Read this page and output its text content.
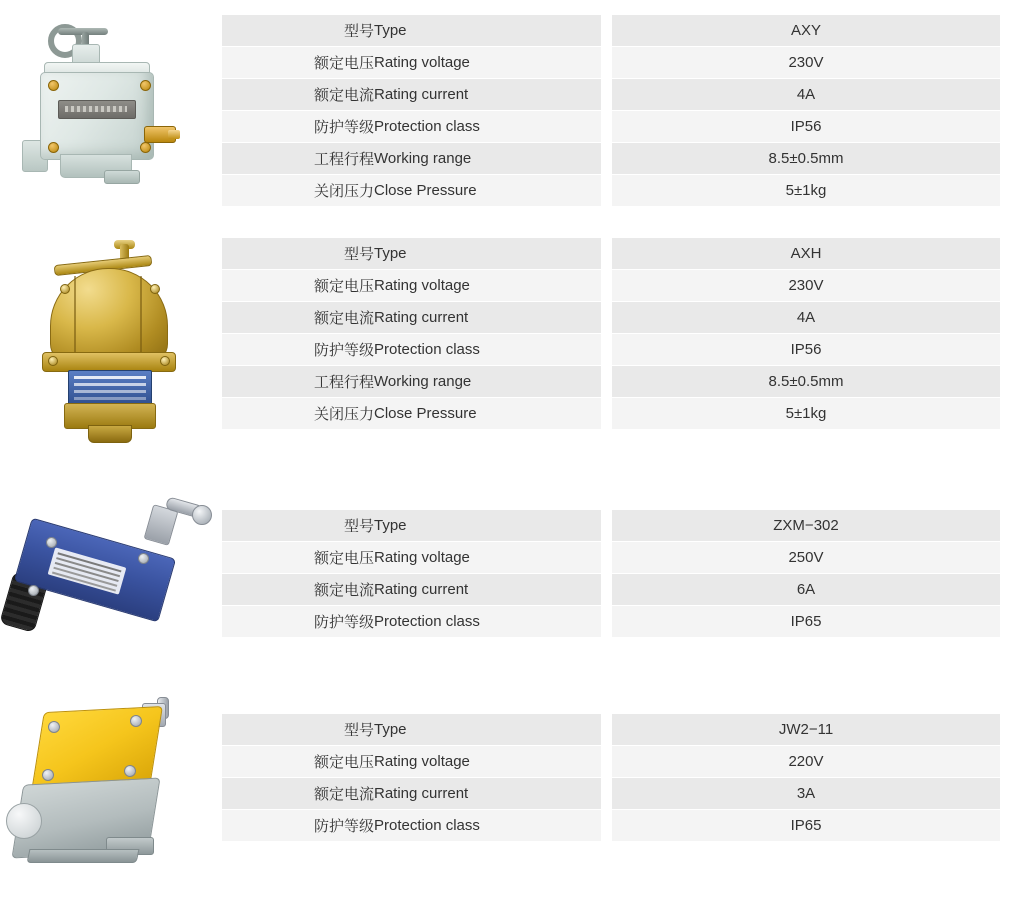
型号	Type		AXY
额定电压	Rating voltage		230V
额定电流	Rating current		4A
防护等级	Protection class		IP56
工程行程	Working range		8.5±0.5mm
关闭压力	Close Pressure		5±1kg
型号	Type		AXH
额定电压	Rating voltage		230V
额定电流	Rating current		4A
防护等级	Protection class		IP56
工程行程	Working range		8.5±0.5mm
关闭压力	Close Pressure		5±1kg
型号	Type		ZXM−302
额定电压	Rating voltage		250V
额定电流	Rating current		6A
防护等级	Protection class		IP65
型号	Type		JW2−11
额定电压	Rating voltage		220V
额定电流	Rating current		3A
防护等级	Protection class		IP65
